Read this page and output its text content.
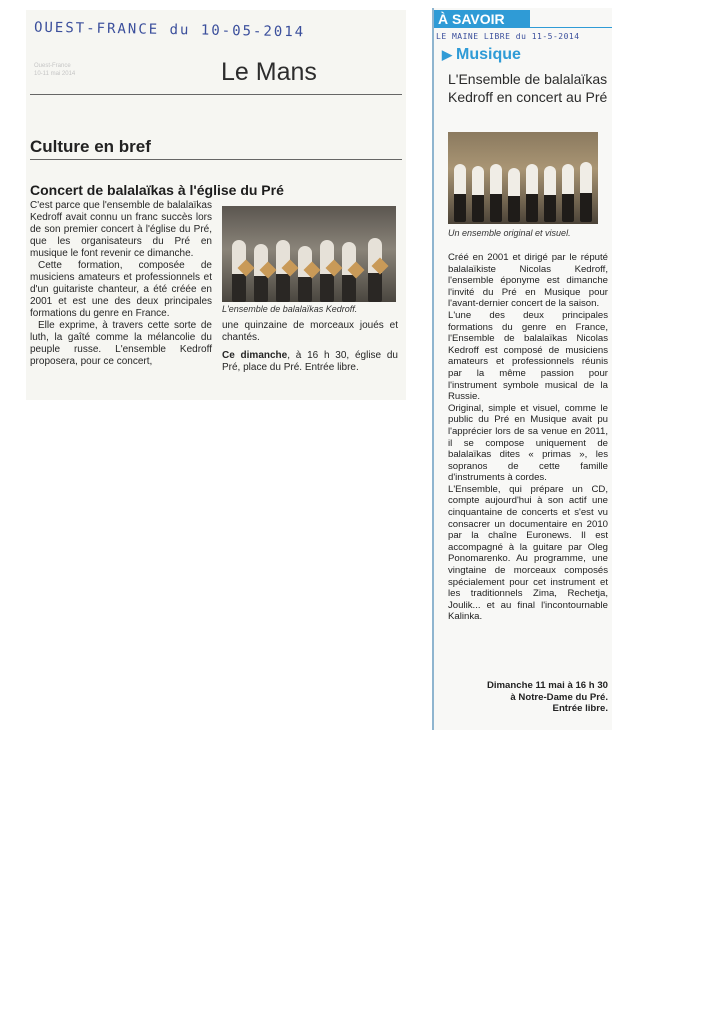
OUEST-FRANCE du 10-05-2014
Ouest-France
10-11 mai 2014	Le Mans
Culture en bref
Concert de balalaïkas à l'église du Pré

C'est parce que l'ensemble de balalaïkas Kedroff avait connu un franc succès lors de son premier concert à l'église du Pré, que les organisateurs du Pré en musique le font revenir ce dimanche.

Cette formation, composée de musiciens amateurs et professionnels et d'un guitariste chanteur, a été créée en 2001 et est une des deux principales formations du genre en France.

Elle exprime, à travers cette sorte de luth, la gaîté comme la mélancolie du peuple russe. L'ensemble Kedroff proposera, pour ce concert,

L'ensemble de balalaïkas Kedroff.

une quinzaine de morceaux joués et chantés.

Ce dimanche, à 16 h 30, église du Pré, place du Pré. Entrée libre.

À SAVOIR
LE MAINE LIBRE du 11-5-2014
▶ Musique
L'Ensemble de balalaïkas Kedroff en concert au Pré
Un ensemble original et visuel.

Créé en 2001 et dirigé par le réputé balalaïkiste Nicolas Kedroff, l'ensemble éponyme est dimanche l'invité du Pré en Musique pour l'avant-dernier concert de la saison.

L'une des deux principales formations du genre en France, l'Ensemble de balalaïkas Nicolas Kedroff est composé de musiciens amateurs et professionnels réunis par la même passion pour l'instrument symbole musical de la Russie.

Original, simple et visuel, comme le public du Pré en Musique avait pu l'apprécier lors de sa venue en 2011, il se compose uniquement de balalaïkas dites « primas », les sopranos de cette famille d'instruments à cordes.

L'Ensemble, qui prépare un CD, compte aujourd'hui à son actif une cinquantaine de concerts et s'est vu consacrer un documentaire en 2010 par la chaîne Euronews. Il est accompagné à la guitare par Oleg Ponomarenko. Au programme, une vingtaine de morceaux composés spécialement pour cet instrument et les traditionnels Zima, Rechetja, Joulik... et au final l'incontournable Kalinka.

Dimanche 11 mai à 16 h 30
à Notre-Dame du Pré.
Entrée libre.
